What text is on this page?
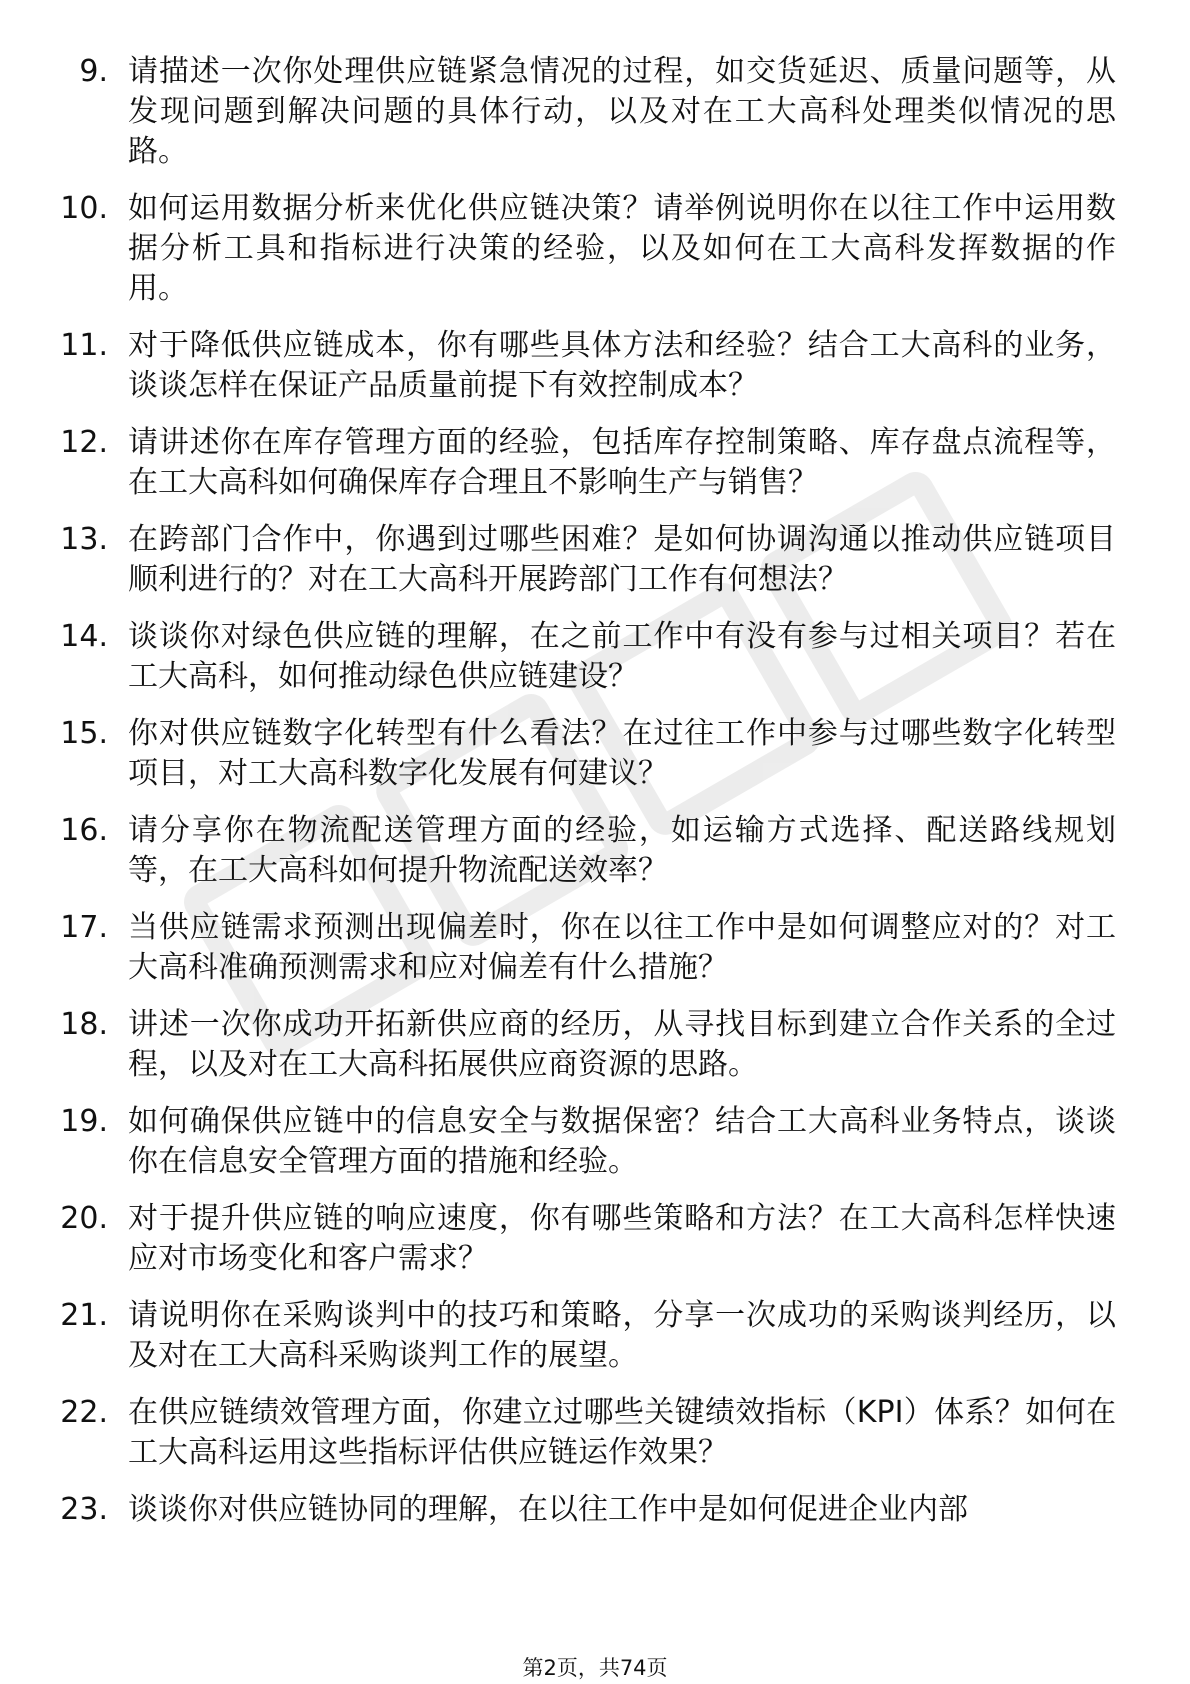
9. 请描述一次你处理供应链紧急情况的过程，如交货延迟、质量问题等，从发现问题到解决问题的具体行动，以及对在工大高科处理类似情况的思路。
10. 如何运用数据分析来优化供应链决策？请举例说明你在以往工作中运用数据分析工具和指标进行决策的经验，以及如何在工大高科发挥数据的作用。
11. 对于降低供应链成本，你有哪些具体方法和经验？结合工大高科的业务，谈谈怎样在保证产品质量前提下有效控制成本？
12. 请讲述你在库存管理方面的经验，包括库存控制策略、库存盘点流程等，在工大高科如何确保库存合理且不影响生产与销售？
13. 在跨部门合作中，你遇到过哪些困难？是如何协调沟通以推动供应链项目顺利进行的？对在工大高科开展跨部门工作有何想法？
14. 谈谈你对绿色供应链的理解，在之前工作中有没有参与过相关项目？若在工大高科，如何推动绿色供应链建设？
15. 你对供应链数字化转型有什么看法？在过往工作中参与过哪些数字化转型项目，对工大高科数字化发展有何建议？
16. 请分享你在物流配送管理方面的经验，如运输方式选择、配送路线规划等，在工大高科如何提升物流配送效率？
17. 当供应链需求预测出现偏差时，你在以往工作中是如何调整应对的？对工大高科准确预测需求和应对偏差有什么措施？
18. 讲述一次你成功开拓新供应商的经历，从寻找目标到建立合作关系的全过程，以及对在工大高科拓展供应商资源的思路。
19. 如何确保供应链中的信息安全与数据保密？结合工大高科业务特点，谈谈你在信息安全管理方面的措施和经验。
20. 对于提升供应链的响应速度，你有哪些策略和方法？在工大高科怎样快速应对市场变化和客户需求？
21. 请说明你在采购谈判中的技巧和策略，分享一次成功的采购谈判经历，以及对在工大高科采购谈判工作的展望。
22. 在供应链绩效管理方面，你建立过哪些关键绩效指标（KPI）体系？如何在工大高科运用这些指标评估供应链运作效果？
23. 谈谈你对供应链协同的理解，在以往工作中是如何促进企业内部
第2页，共74页
